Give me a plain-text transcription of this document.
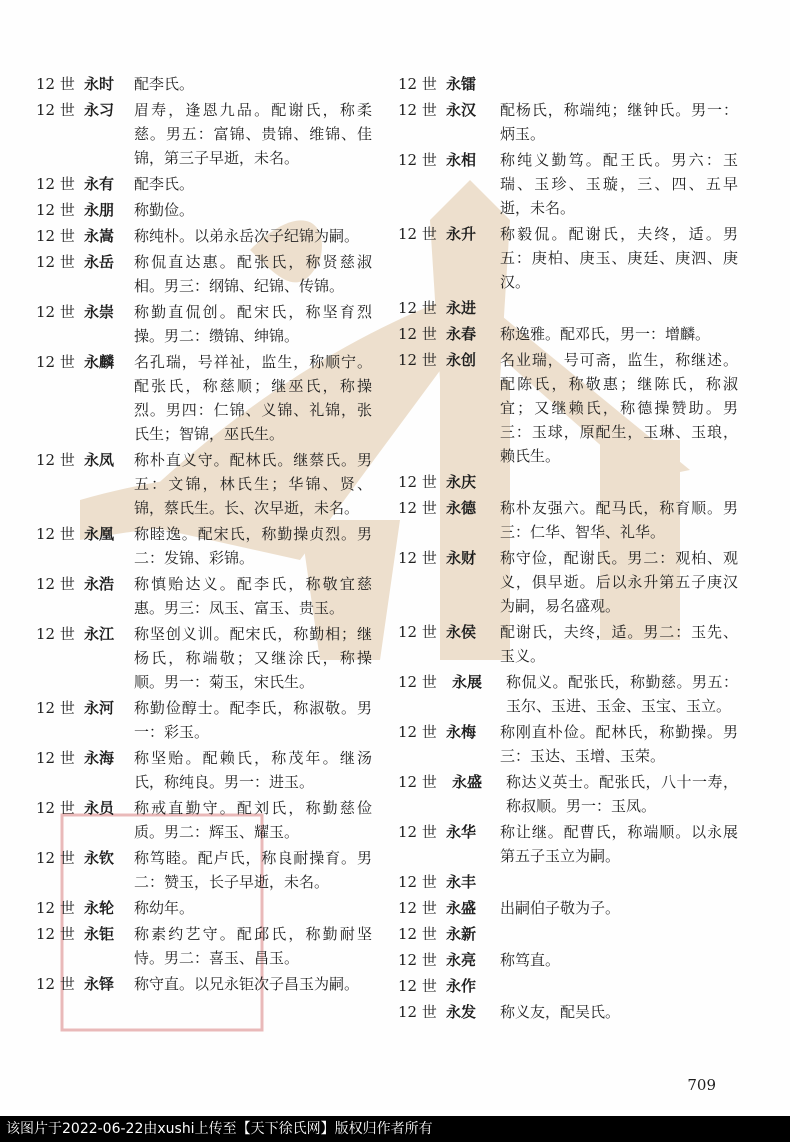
12 世 永时	配李氏。
12 世 永习	眉寿，逢恩九品。配谢氏，称柔慈。男五：富锦、贵锦、维锦、佳锦，第三子早逝，未名。
12 世 永有	配李氏。
12 世 永朋	称勤俭。
12 世 永嵩	称纯朴。以弟永岳次子纪锦为嗣。
12 世 永岳	称侃直达惠。配张氏，称贤慈淑相。男三：纲锦、纪锦、传锦。
12 世 永崇	称勤直侃创。配宋氏，称坚育烈操。男二：缵锦、绅锦。
12 世 永麟	名孔瑞，号祥祉，监生，称顺宁。配张氏，称慈顺；继巫氏，称操烈。男四：仁锦、义锦、礼锦，张氏生；智锦，巫氏生。
12 世 永凤	称朴直义守。配林氏。继蔡氏。男五：文锦，林氏生；华锦、贤、锦，蔡氏生。长、次早逝，未名。
12 世 永凰	称睦逸。配宋氏，称勤操贞烈。男二：发锦、彩锦。
12 世 永浩	称慎贻达义。配李氏，称敬宜慈惠。男三：凤玉、富玉、贵玉。
12 世 永江	称坚创义训。配宋氏，称勤相；继杨氏，称端敬；又继涂氏，称操顺。男一：菊玉，宋氏生。
12 世 永河	称勤俭醇士。配李氏，称淑敬。男一：彩玉。
12 世 永海	称坚贻。配赖氏，称茂年。继汤氏，称纯良。男一：进玉。
12 世 永员	称戒直勤守。配刘氏，称勤慈俭质。男二：辉玉、耀玉。
12 世 永钦	称笃睦。配卢氏，称良耐操育。男二：赞玉，长子早逝，未名。
12 世 永轮	称幼年。
12 世 永钜	称素约艺守。配邱氏，称勤耐坚恃。男二：喜玉、昌玉。
12 世 永铎	称守直。以兄永钜次子昌玉为嗣。
12 世 永镭
12 世 永汉	配杨氏，称端纯；继钟氏。男一：炳玉。
12 世 永相	称纯义勤笃。配王氏。男六：玉瑞、玉珍、玉璇，三、四、五早逝，未名。
12 世 永升	称毅侃。配谢氏，夫终，适。男五：庚柏、庚玉、庚廷、庚泗、庚汉。
12 世 永进
12 世 永春	称逸雅。配邓氏，男一：增麟。
12 世 永创	名业瑞，号可斋，监生，称继述。配陈氏，称敬惠；继陈氏，称淑宜；又继赖氏，称德操赞助。男三：玉球，原配生，玉琳、玉琅，赖氏生。
12 世 永庆
12 世 永德	称朴友强六。配马氏，称育顺。男三：仁华、智华、礼华。
12 世 永财	称守俭，配谢氏。男二：观柏、观义，俱早逝。后以永升第五子庚汉为嗣，易名盛观。
12 世 永侯	配谢氏，夫终，适。男二：玉先、玉义。
12 世	永展	称侃义。配张氏，称勤慈。男五：玉尔、玉进、玉金、玉宝、玉立。
12 世 永梅	称刚直朴俭。配林氏，称勤操。男三：玉达、玉增、玉荣。
12 世	永盛	称达义英士。配张氏，八十一寿，称叔顺。男一：玉凤。
12 世 永华	称让继。配曹氏，称端顺。以永展第五子玉立为嗣。
12 世 永丰
12 世 永盛	出嗣伯子敬为子。
12 世 永新
12 世 永亮	称笃直。
12 世 永作
12 世 永发	称义友，配吴氏。
709
该图片于2022-06-22由xushi上传至【天下徐氏网】版权归作者所有
